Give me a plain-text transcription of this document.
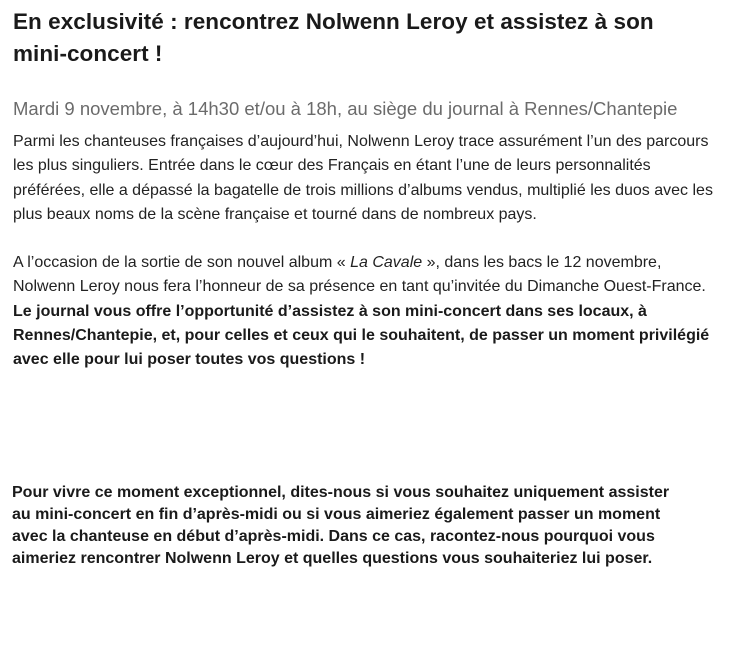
En exclusivité : rencontrez Nolwenn Leroy et assistez à son mini-concert !

Mardi 9 novembre, à 14h30 et/ou à 18h, au siège du journal à Rennes/Chantepie

Parmi les chanteuses françaises d’aujourd’hui, Nolwenn Leroy trace assurément l’un des parcours les plus singuliers. Entrée dans le cœur des Français en étant l’une de leurs personnalités préférées, elle a dépassé la bagatelle de trois millions d’albums vendus, multiplié les duos avec les plus beaux noms de la scène française et tourné dans de nombreux pays.

A l’occasion de la sortie de son nouvel album « La Cavale », dans les bacs le 12 novembre, Nolwenn Leroy nous fera l’honneur de sa présence en tant qu’invitée du Dimanche Ouest-France. Le journal vous offre l’opportunité d’assistez à son mini-concert dans ses locaux, à Rennes/Chantepie, et, pour celles et ceux qui le souhaitent, de passer un moment privilégié avec elle pour lui poser toutes vos questions !

Pour vivre ce moment exceptionnel, dites-nous si vous souhaitez uniquement assister au mini-concert en fin d’après-midi ou si vous aimeriez également passer un moment avec la chanteuse en début d’après-midi. Dans ce cas, racontez-nous pourquoi vous aimeriez rencontrer Nolwenn Leroy et quelles questions vous souhaiteriez lui poser.
